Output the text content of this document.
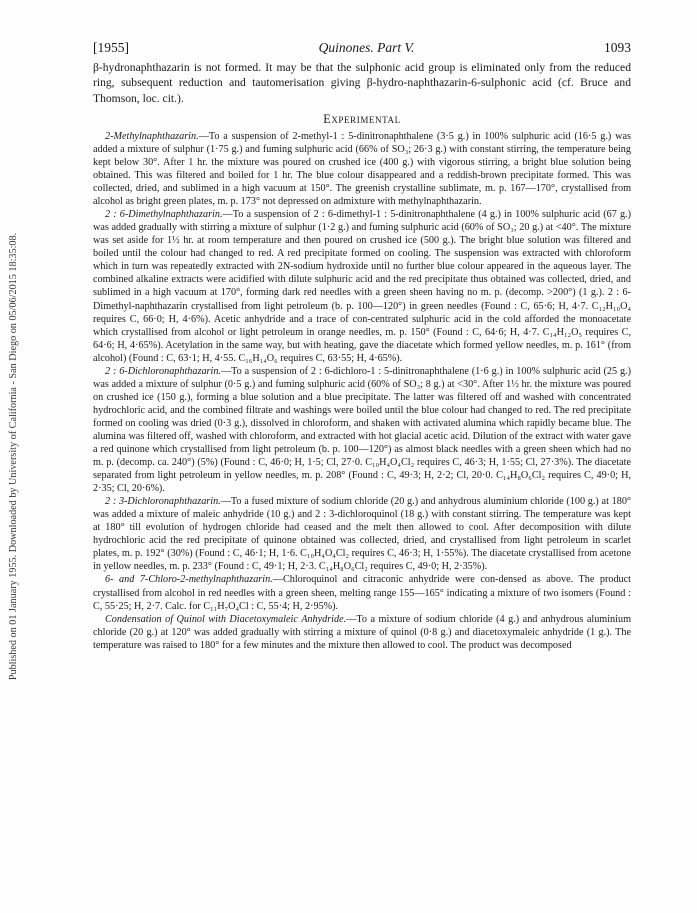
Published on 01 January 1955. Downloaded by University of California - San Diego on 05/06/2015 18:35:08.
[1955]	Quinones. Part V.	1093

β-hydronaphthazarin is not formed. It may be that the sulphonic acid group is eliminated only from the reduced ring, subsequent reduction and tautomerisation giving β-hydro-naphthazarin-6-sulphonic acid (cf. Bruce and Thomson, loc. cit.).

Experimental

2-Methylnaphthazarin.—To a suspension of 2-methyl-1 : 5-dinitronaphthalene (3·5 g.) in 100% sulphuric acid (16·5 g.) was added a mixture of sulphur (1·75 g.) and fuming sulphuric acid (66% of SO₃; 26·3 g.) with constant stirring, the temperature being kept below 30°. After 1 hr. the mixture was poured on crushed ice (400 g.) with vigorous stirring, a bright blue solution being obtained. This was filtered and boiled for 1 hr. The blue colour disappeared and a reddish-brown precipitate formed. This was collected, dried, and sublimed in a high vacuum at 150°. The greenish crystalline sublimate, m. p. 167—170°, crystallised from alcohol as bright green plates, m. p. 173° not depressed on admixture with methylnaphthazarin.

2 : 6-Dimethylnaphthazarin.—To a suspension of 2 : 6-dimethyl-1 : 5-dinitronaphthalene (4 g.) in 100% sulphuric acid (67 g.) was added gradually with stirring a mixture of sulphur (1·2 g.) and fuming sulphuric acid (60% of SO₃; 20 g.) at <40°. The mixture was set aside for 1½ hr. at room temperature and then poured on crushed ice (500 g.). The bright blue solution was filtered and boiled until the colour had changed to red. A red precipitate formed on cooling. The suspension was extracted with chloroform which in turn was repeatedly extracted with 2N-sodium hydroxide until no further blue colour appeared in the aqueous layer. The combined alkaline extracts were acidified with dilute sulphuric acid and the red precipitate thus obtained was collected, dried, and sublimed in a high vacuum at 170°, forming dark red needles with a green sheen having no m. p. (decomp. >200°) (1 g.). 2 : 6-Dimethyl-naphthazarin crystallised from light petroleum (b. p. 100—120°) in green needles (Found : C, 65·6; H, 4·7. C₁₂H₁₀O₄ requires C, 66·0; H, 4·6%). Acetic anhydride and a trace of con-centrated sulphuric acid in the cold afforded the monoacetate which crystallised from alcohol or light petroleum in orange needles, m. p. 150° (Found : C, 64·6; H, 4·7. C₁₄H₁₂O₅ requires C, 64·6; H, 4·65%). Acetylation in the same way, but with heating, gave the diacetate which formed yellow needles, m. p. 161° (from alcohol) (Found : C, 63·1; H, 4·55. C₁₆H₁₄O₆ requires C, 63·55; H, 4·65%).

2 : 6-Dichloronaphthazarin.—To a suspension of 2 : 6-dichloro-1 : 5-dinitronaphthalene (1·6 g.) in 100% sulphuric acid (25 g.) was added a mixture of sulphur (0·5 g.) and fuming sulphuric acid (60% of SO₃; 8 g.) at <30°. After 1½ hr. the mixture was poured on crushed ice (150 g.), forming a blue solution and a blue precipitate. The latter was filtered off and washed with concentrated hydrochloric acid, and the combined filtrate and washings were boiled until the blue colour had changed to red. The red precipitate formed on cooling was dried (0·3 g.), dissolved in chloroform, and shaken with activated alumina which rapidly became blue. The alumina was filtered off, washed with chloroform, and extracted with hot glacial acetic acid. Dilution of the extract with water gave a red quinone which crystallised from light petroleum (b. p. 100—120°) as almost black needles with a green sheen which had no m. p. (decomp. ca. 240°) (5%) (Found : C, 46·0; H, 1·5; Cl, 27·0. C₁₀H₄O₄Cl₂ requires C, 46·3; H, 1·55; Cl, 27·3%). The diacetate separated from light petroleum in yellow needles, m. p. 208° (Found : C, 49·3; H, 2·2; Cl, 20·0. C₁₄H₈O₆Cl₂ requires C, 49·0; H, 2·35; Cl, 20·6%).

2 : 3-Dichloronaphthazarin.—To a fused mixture of sodium chloride (20 g.) and anhydrous aluminium chloride (100 g.) at 180° was added a mixture of maleic anhydride (10 g.) and 2 : 3-dichloroquinol (18 g.) with constant stirring. The temperature was kept at 180° till evolution of hydrogen chloride had ceased and the melt then allowed to cool. After decomposition with dilute hydrochloric acid the red precipitate of quinone obtained was collected, dried, and crystallised from light petroleum in scarlet plates, m. p. 192° (30%) (Found : C, 46·1; H, 1·6. C₁₀H₄O₄Cl₂ requires C, 46·3; H, 1·55%). The diacetate crystallised from acetone in yellow needles, m. p. 233° (Found : C, 49·1; H, 2·3. C₁₄H₈O₆Cl₂ requires C, 49·0; H, 2·35%).

6- and 7-Chloro-2-methylnaphthazarin.—Chloroquinol and citraconic anhydride were con-densed as above. The product crystallised from alcohol in red needles with a green sheen, melting range 155—165° indicating a mixture of two isomers (Found : C, 55·25; H, 2·7. Calc. for C₁₁H₇O₄Cl : C, 55·4; H, 2·95%).

Condensation of Quinol with Diacetoxymaleic Anhydride.—To a mixture of sodium chloride (4 g.) and anhydrous aluminium chloride (20 g.) at 120° was added gradually with stirring a mixture of quinol (0·8 g.) and diacetoxymaleic anhydride (1 g.). The temperature was raised to 180° for a few minutes and the mixture then allowed to cool. The product was decomposed
